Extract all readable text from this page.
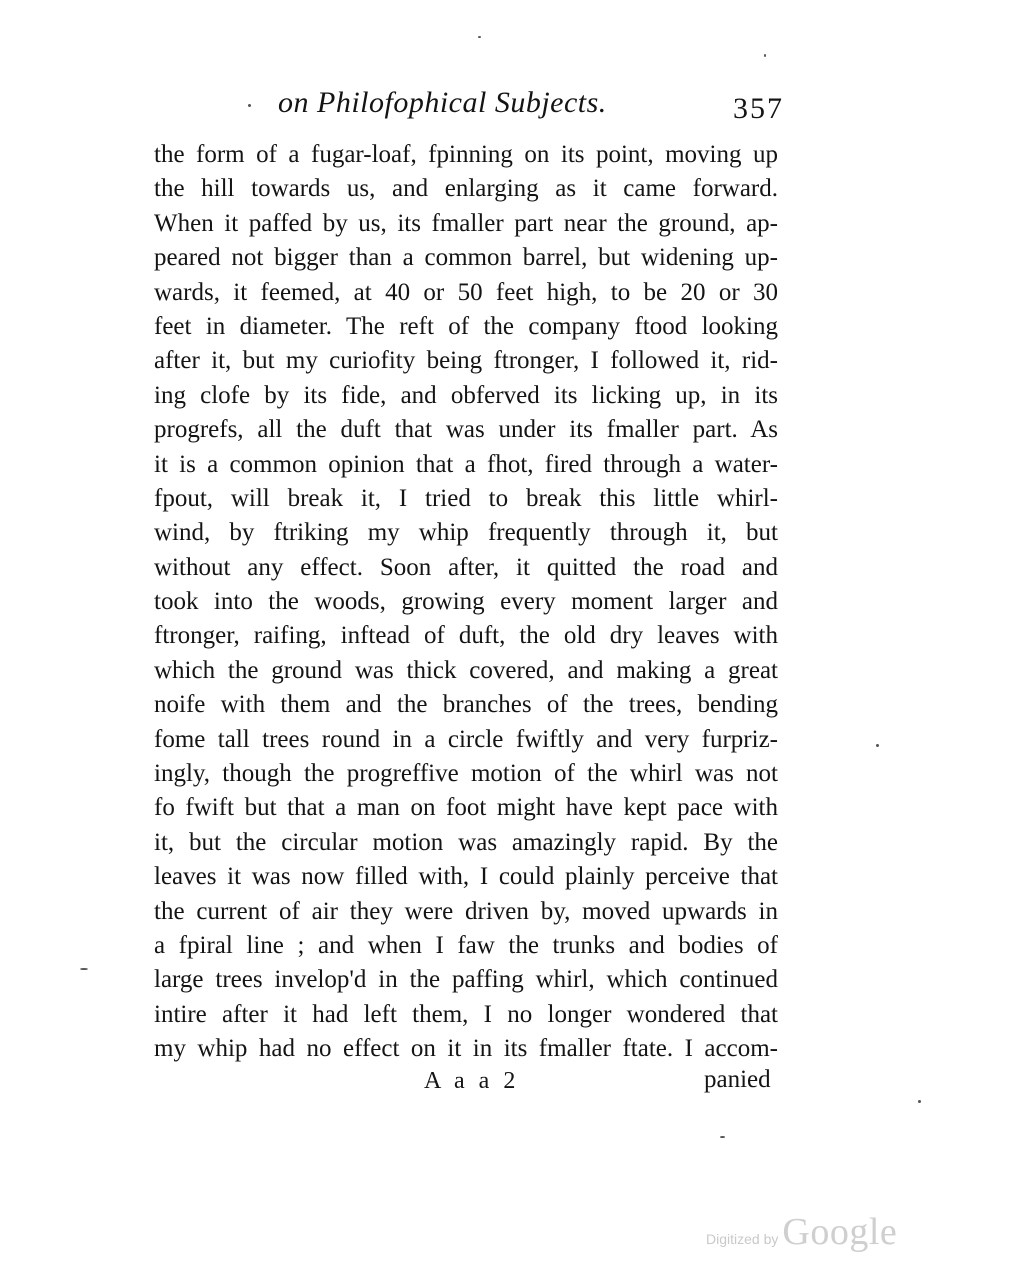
on Philofophical Subjects.	357
the form of a fugar-loaf, fpinning on its point, moving up
the hill towards us, and enlarging as it came forward.
When it paffed by us, its fmaller part near the ground, ap-
peared not bigger than a common barrel, but widening up-
wards, it feemed, at 40 or 50 feet high, to be 20 or 30
feet in diameter. The reft of the company ftood looking
after it, but my curiofity being ftronger, I followed it, rid-
ing clofe by its fide, and obferved its licking up, in its
progrefs, all the duft that was under its fmaller part. As
it is a common opinion that a fhot, fired through a water-
fpout, will break it, I tried to break this little whirl-
wind, by ftriking my whip frequently through it, but
without any effect. Soon after, it quitted the road and
took into the woods, growing every moment larger and
ftronger, raifing, inftead of duft, the old dry leaves with
which the ground was thick covered, and making a great
noife with them and the branches of the trees, bending
fome tall trees round in a circle fwiftly and very furpriz-
ingly, though the progreffive motion of the whirl was not
fo fwift but that a man on foot might have kept pace with
it, but the circular motion was amazingly rapid. By the
leaves it was now filled with, I could plainly perceive that
the current of air they were driven by, moved upwards in
a fpiral line ; and when I faw the trunks and bodies of
large trees invelop'd in the paffing whirl, which continued
intire after it had left them, I no longer wondered that
my whip had no effect on it in its fmaller ftate. I accom-
A a a 2	panied
Digitized by Google
